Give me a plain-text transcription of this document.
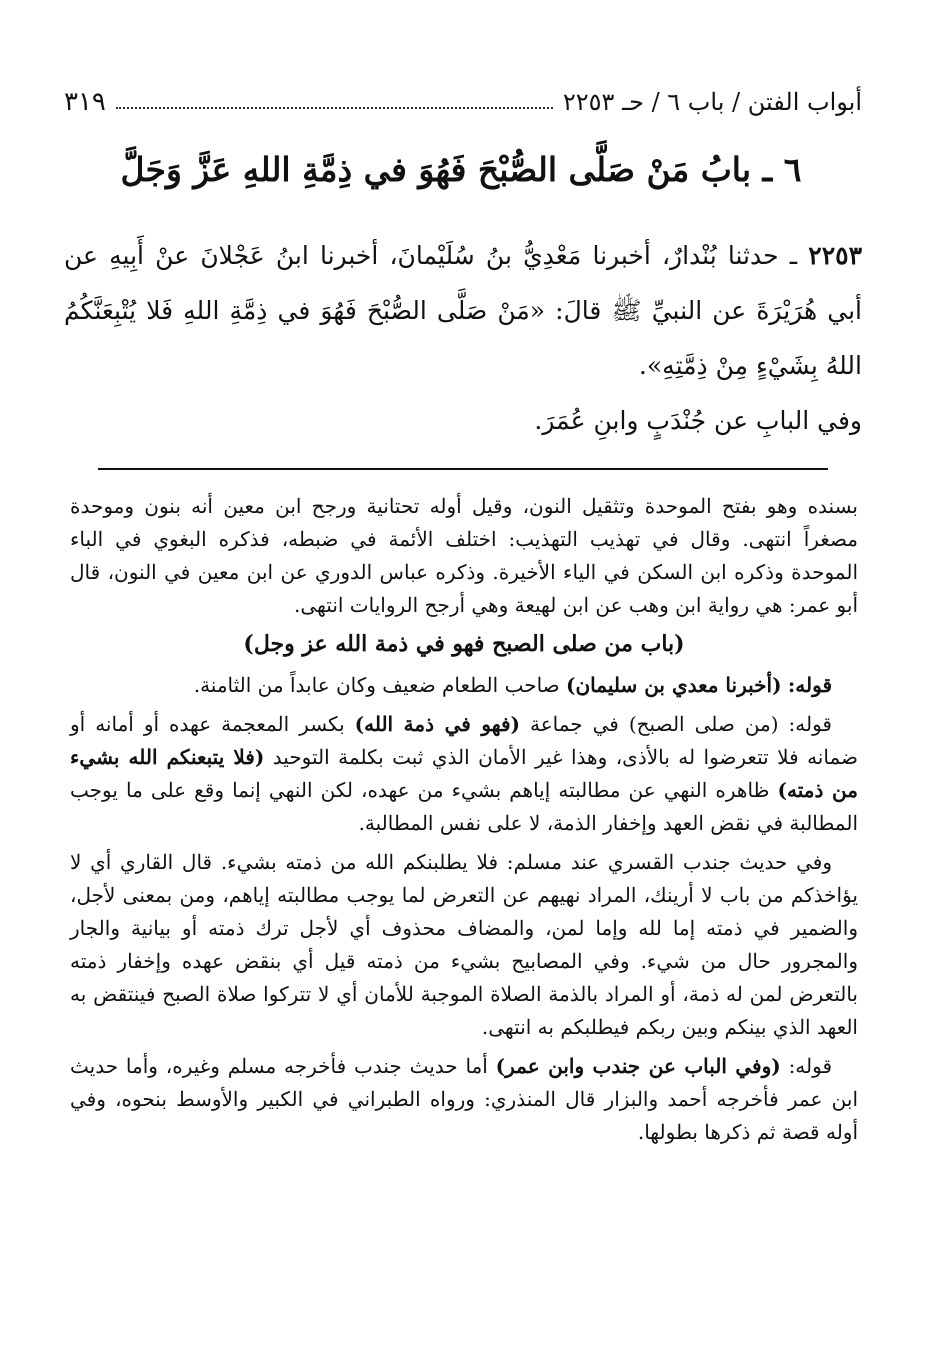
أبواب الفتن / باب ٦ / حـ ٢٢٥٣
٣١٩
٦ ـ بابُ مَنْ صَلَّى الصُّبْحَ فَهُوَ في ذِمَّةِ اللهِ عَزَّ وَجَلَّ

٢٢٥٣ ـ حدثنا بُنْدارٌ، أخبرنا مَعْدِيُّ بنُ سُلَيْمانَ، أخبرنا ابنُ عَجْلانَ عنْ أَبِيهِ عن أبي هُرَيْرَةَ عن النبيِّ ﷺ قالَ: «مَنْ صَلَّى الصُّبْحَ فَهُوَ في ذِمَّةِ اللهِ فَلا يُتْبِعَنَّكُمُ اللهُ بِشَيْءٍ مِنْ ذِمَّتِهِ».

وفي البابِ عن جُنْدَبٍ وابنِ عُمَرَ.

بسنده وهو بفتح الموحدة وتثقيل النون، وقيل أوله تحتانية ورجح ابن معين أنه بنون وموحدة مصغراً انتهى. وقال في تهذيب التهذيب: اختلف الأئمة في ضبطه، فذكره البغوي في الباء الموحدة وذكره ابن السكن في الياء الأخيرة. وذكره عباس الدوري عن ابن معين في النون، قال أبو عمر: هي رواية ابن وهب عن ابن لهيعة وهي أرجح الروايات انتهى.

(باب من صلى الصبح فهو في ذمة الله عز وجل)

قوله: (أخبرنا معدي بن سليمان) صاحب الطعام ضعيف وكان عابداً من الثامنة.

قوله: (من صلى الصبح) في جماعة (فهو في ذمة الله) بكسر المعجمة عهده أو أمانه أو ضمانه فلا تتعرضوا له بالأذى، وهذا غير الأمان الذي ثبت بكلمة التوحيد (فلا يتبعنكم الله بشيء من ذمته) ظاهره النهي عن مطالبته إياهم بشيء من عهده، لكن النهي إنما وقع على ما يوجب المطالبة في نقض العهد وإخفار الذمة، لا على نفس المطالبة.

وفي حديث جندب القسري عند مسلم: فلا يطلبنكم الله من ذمته بشيء. قال القاري أي لا يؤاخذكم من باب لا أرينك، المراد نهيهم عن التعرض لما يوجب مطالبته إياهم، ومن بمعنى لأجل، والضمير في ذمته إما لله وإما لمن، والمضاف محذوف أي لأجل ترك ذمته أو بيانية والجار والمجرور حال من شيء. وفي المصابيح بشيء من ذمته قيل أي بنقض عهده وإخفار ذمته بالتعرض لمن له ذمة، أو المراد بالذمة الصلاة الموجبة للأمان أي لا تتركوا صلاة الصبح فينتقض به العهد الذي بينكم وبين ربكم فيطلبكم به انتهى.

قوله: (وفي الباب عن جندب وابن عمر) أما حديث جندب فأخرجه مسلم وغيره، وأما حديث ابن عمر فأخرجه أحمد والبزار قال المنذري: ورواه الطبراني في الكبير والأوسط بنحوه، وفي أوله قصة ثم ذكرها بطولها.
